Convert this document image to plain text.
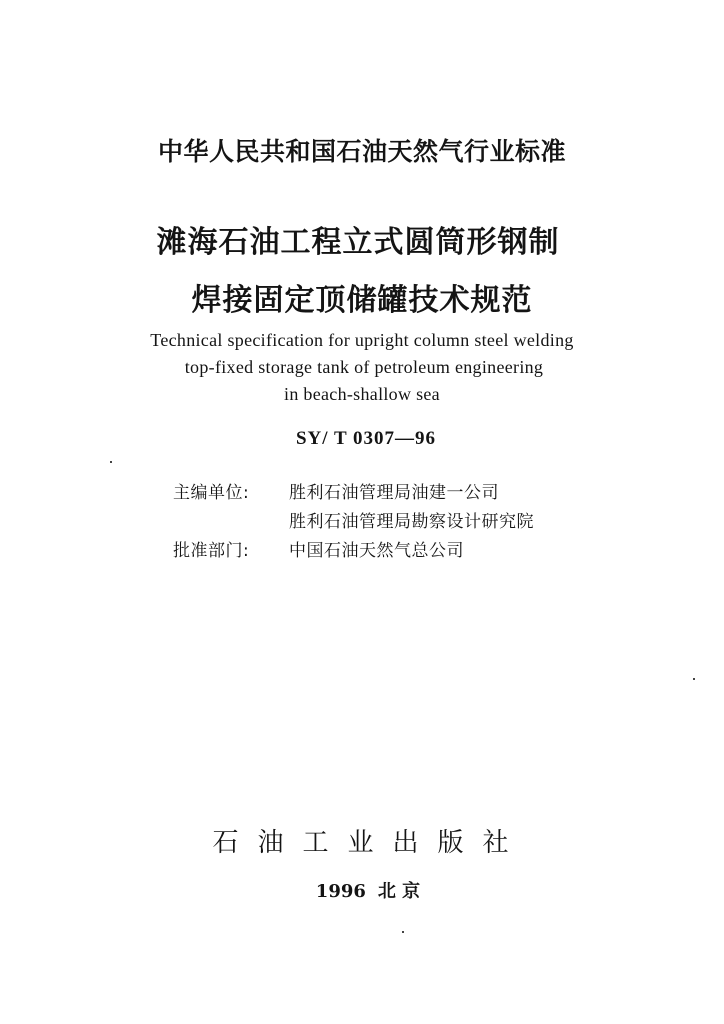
中华人民共和国石油天然气行业标准
滩海石油工程立式圆筒形钢制
焊接固定顶储罐技术规范
Technical specification for upright column steel welding
top-fixed storage tank of petroleum engineering
in beach-shallow sea
SY/ T 0307—96
主编单位: 胜利石油管理局油建一公司
胜利石油管理局勘察设计研究院
批准部门: 中国石油天然气总公司
石油工业出版社
1996 北 京
